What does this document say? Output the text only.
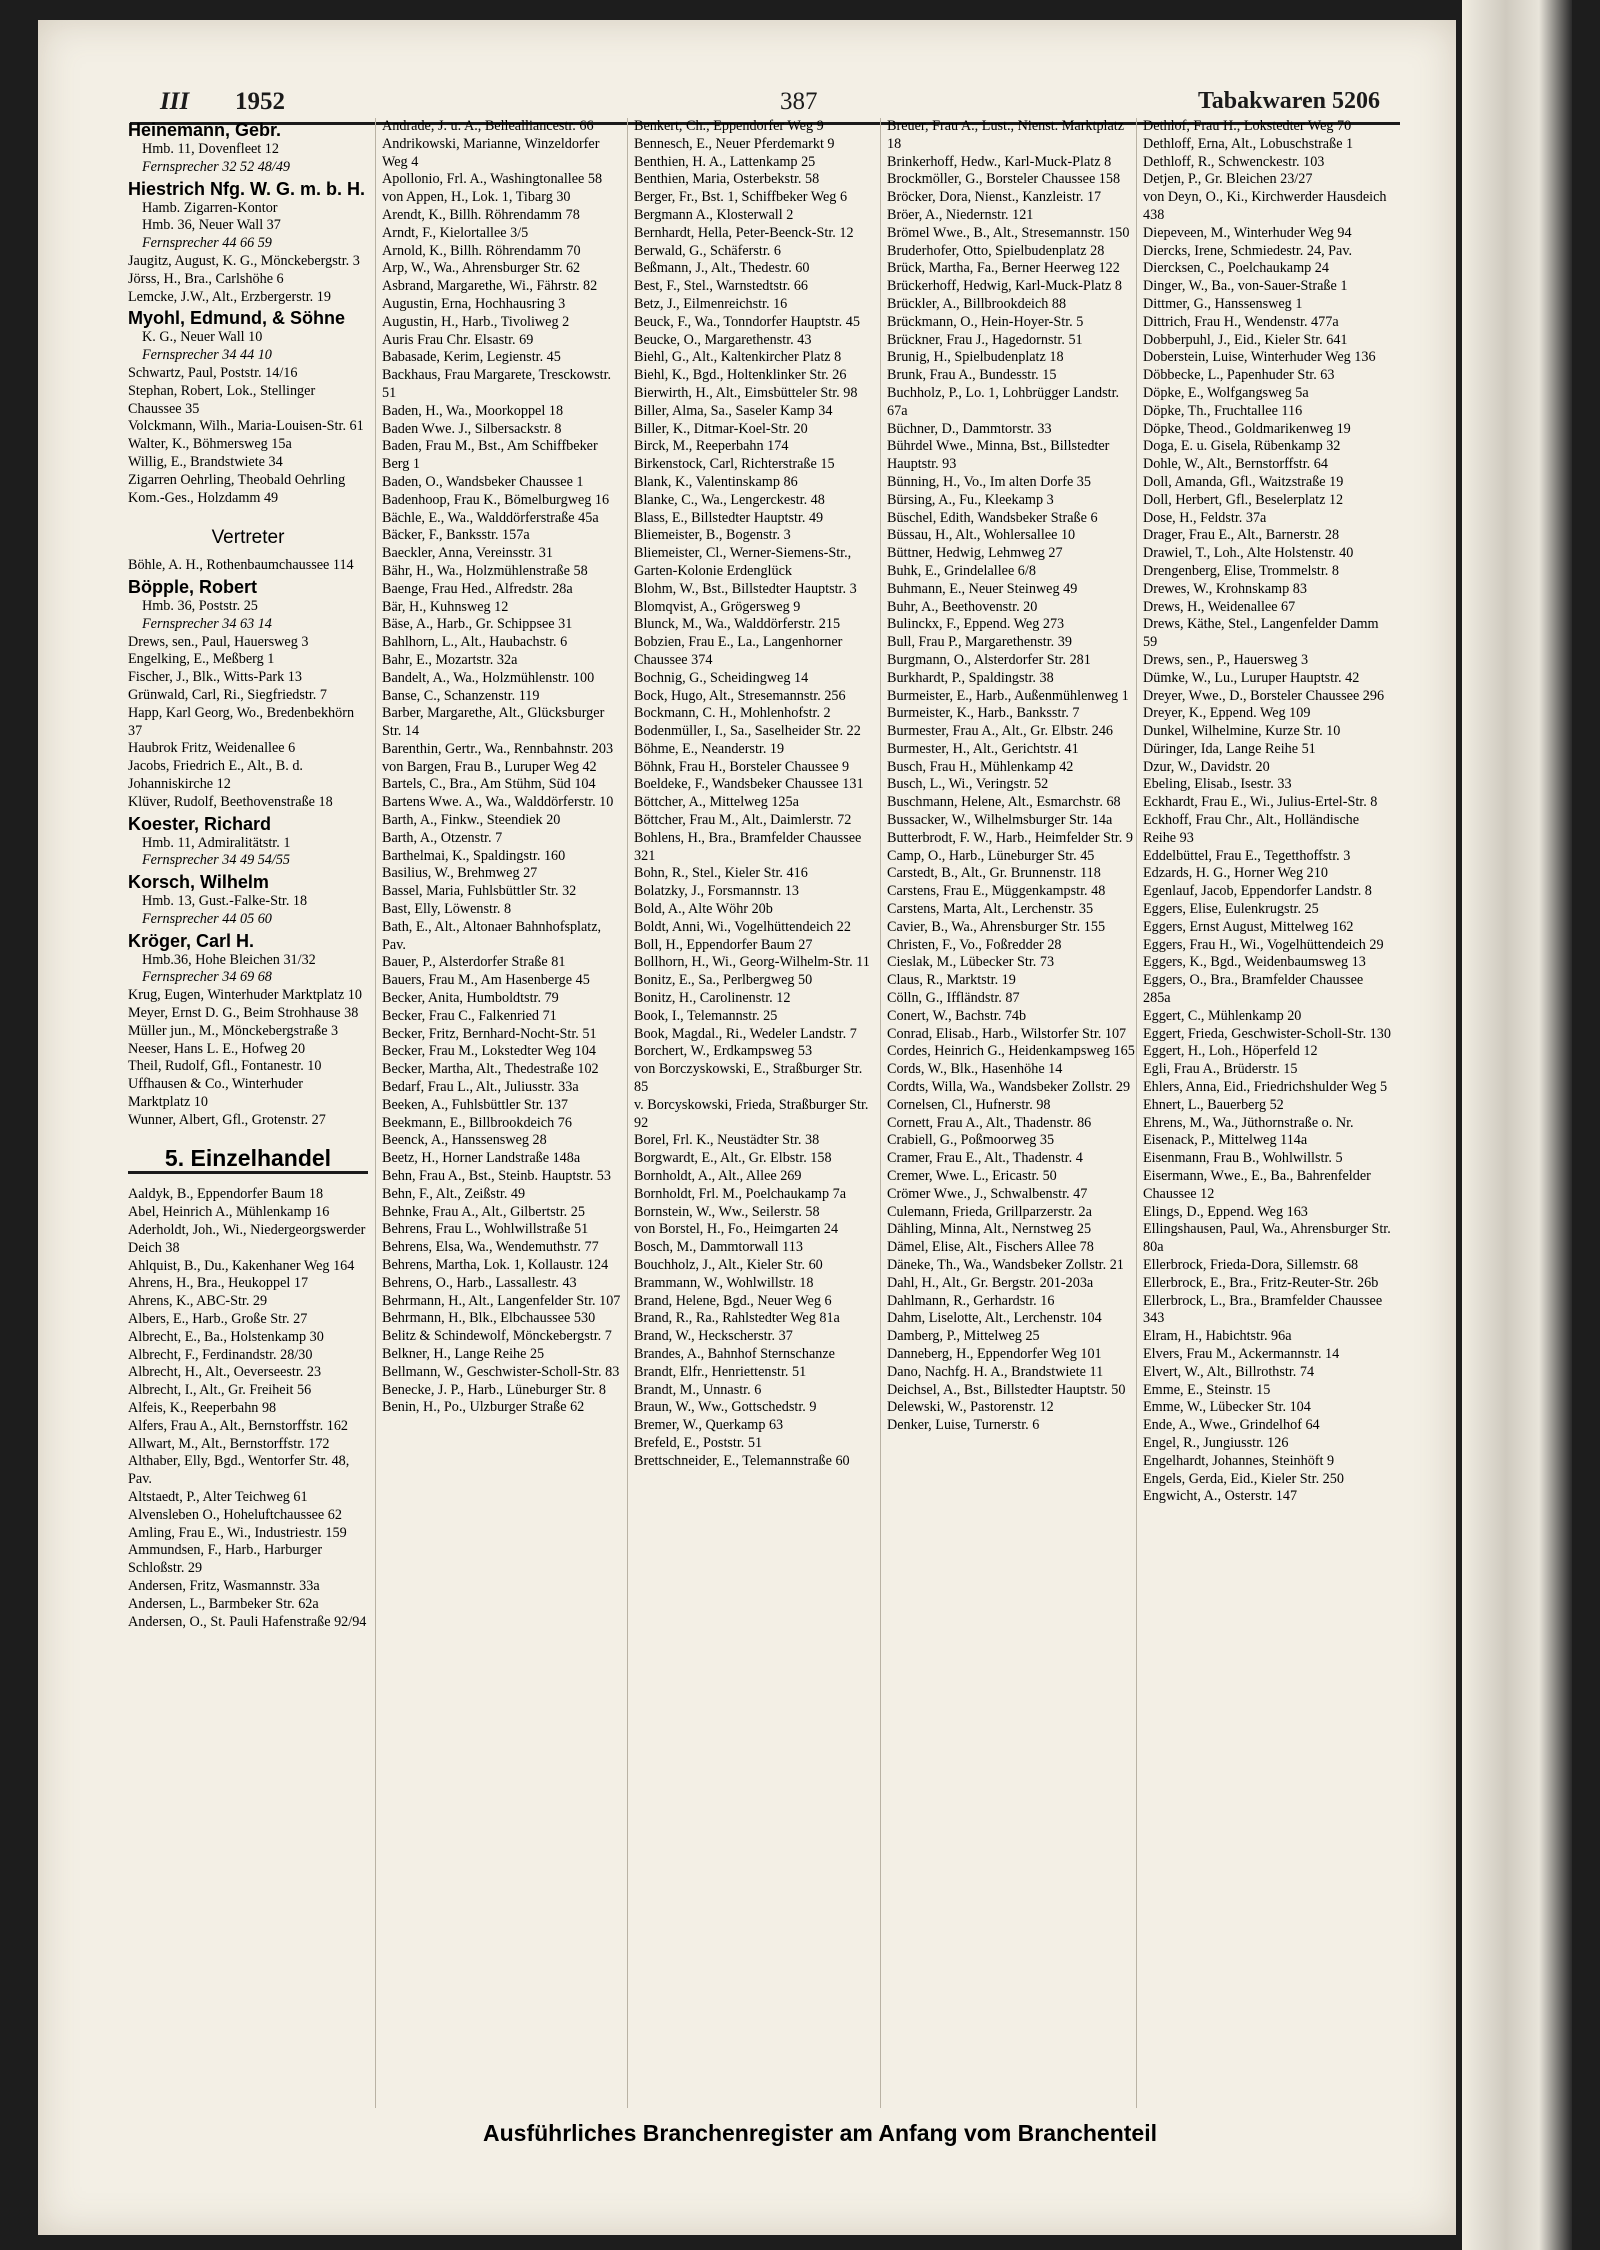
III 1952	387	Tabakwaren 5206
Heinemann, Gebr.
Hmb. 11, Dovenfleet 12
Fernsprecher 32 52 48/49
Hiestrich Nfg. W. G. m. b. H.
Hamb. Zigarren-Kontor
Hmb. 36, Neuer Wall 37
Fernsprecher 44 66 59
Jaugitz, August, K. G., Mönckebergstr. 3
Jörss, H., Bra., Carlshöhe 6
Lemcke, J.W., Alt., Erzbergerstr. 19
Myohl, Edmund, & Söhne
K. G., Neuer Wall 10
Fernsprecher 34 44 10
Schwartz, Paul, Poststr. 14/16
Stephan, Robert, Lok., Stellinger Chaussee 35
Volckmann, Wilh., Maria-Louisen-Str. 61
Walter, K., Böhmersweg 15a
Willig, E., Brandstwiete 34
Zigarren Oehrling, Theobald Oehrling Kom.-Ges., Holzdamm 49
Vertreter
Böhle, A. H., Rothenbaumchaussee 114
Böpple, Robert
Hmb. 36, Poststr. 25
Fernsprecher 34 63 14
Drews, sen., Paul, Hauersweg 3
Engelking, E., Meßberg 1
Fischer, J., Blk., Witts-Park 13
Grünwald, Carl, Ri., Siegfriedstr. 7
Happ, Karl Georg, Wo., Bredenbekhörn 37
Haubrok Fritz, Weidenallee 6
Jacobs, Friedrich E., Alt., B. d. Johanniskirche 12
Klüver, Rudolf, Beethovenstraße 18
Koester, Richard
Hmb. 11, Admiralitätstr. 1
Fernsprecher 34 49 54/55
Korsch, Wilhelm
Hmb. 13, Gust.-Falke-Str. 18
Fernsprecher 44 05 60
Kröger, Carl H.
Hmb.36, Hohe Bleichen 31/32
Fernsprecher 34 69 68
Krug, Eugen, Winterhuder Marktplatz 10
Meyer, Ernst D. G., Beim Strohhause 38
Müller jun., M., Mönckebergstraße 3
Neeser, Hans L. E., Hofweg 20
Theil, Rudolf, Gfl., Fontanestr. 10
Uffhausen & Co., Winterhuder Marktplatz 10
Wunner, Albert, Gfl., Grotenstr. 27
5. Einzelhandel
Aaldyk, B., Eppendorfer Baum 18
Abel, Heinrich A., Mühlenkamp 16
Aderholdt, Joh., Wi., Niedergeorgswerder Deich 38
Ahlquist, B., Du., Kakenhaner Weg 164
Ahrens, H., Bra., Heukoppel 17
Ahrens, K., ABC-Str. 29
Albers, E., Harb., Große Str. 27
Albrecht, E., Ba., Holstenkamp 30
Albrecht, F., Ferdinandstr. 28/30
Albrecht, H., Alt., Oeverseestr. 23
Albrecht, I., Alt., Gr. Freiheit 56
Alfeis, K., Reeperbahn 98
Alfers, Frau A., Alt., Bernstorffstr. 162
Allwart, M., Alt., Bernstorffstr. 172
Althaber, Elly, Bgd., Wentorfer Str. 48, Pav.
Altstaedt, P., Alter Teichweg 61
Alvensleben O., Hoheluftchaussee 62
Amling, Frau E., Wi., Industriestr. 159
Ammundsen, F., Harb., Harburger Schloßstr. 29
Andersen, Fritz, Wasmannstr. 33a
Andersen, L., Barmbeker Str. 62a
Andersen, O., St. Pauli Hafenstraße 92/94
Andrade, J. u. A., Bellealliancestr. 66
Andrikowski, Marianne, Winzeldorfer Weg 4
Apollonio, Frl. A., Washingtonallee 58
von Appen, H., Lok. 1, Tibarg 30
Arendt, K., Billh. Röhrendamm 78
Arndt, F., Kielortallee 3/5
Arnold, K., Billh. Röhrendamm 70
Arp, W., Wa., Ahrensburger Str. 62
Asbrand, Margarethe, Wi., Fährstr. 82
Augustin, Erna, Hochhausring 3
Augustin, H., Harb., Tivoliweg 2
Auris Frau Chr. Elsastr. 69
Babasade, Kerim, Legienstr. 45
Backhaus, Frau Margarete, Tresckowstr. 51
Baden, H., Wa., Moorkoppel 18
Baden Wwe. J., Silbersackstr. 8
Baden, Frau M., Bst., Am Schiffbeker Berg 1
Baden, O., Wandsbeker Chaussee 1
Badenhoop, Frau K., Bömelburgweg 16
Bächle, E., Wa., Walddörferstraße 45a
Bäcker, F., Banksstr. 157a
Baeckler, Anna, Vereinsstr. 31
Bähr, H., Wa., Holzmühlenstraße 58
Baenge, Frau Hed., Alfredstr. 28a
Bär, H., Kuhnsweg 12
Bäse, A., Harb., Gr. Schippsee 31
Bahlhorn, L., Alt., Haubachstr. 6
Bahr, E., Mozartstr. 32a
Bandelt, A., Wa., Holzmühlenstr. 100
Banse, C., Schanzenstr. 119
Barber, Margarethe, Alt., Glücksburger Str. 14
Barenthin, Gertr., Wa., Rennbahnstr. 203
von Bargen, Frau B., Luruper Weg 42
Bartels, C., Bra., Am Stühm, Süd 104
Bartens Wwe. A., Wa., Walddörferstr. 10
Barth, A., Finkw., Steendiek 20
Barth, A., Otzenstr. 7
Barthelmai, K., Spaldingstr. 160
Basilius, W., Brehmweg 27
Bassel, Maria, Fuhlsbüttler Str. 32
Bast, Elly, Löwenstr. 8
Bath, E., Alt., Altonaer Bahnhofsplatz, Pav.
Bauer, P., Alsterdorfer Straße 81
Bauers, Frau M., Am Hasenberge 45
Becker, Anita, Humboldtstr. 79
Becker, Frau C., Falkenried 71
Becker, Fritz, Bernhard-Nocht-Str. 51
Becker, Frau M., Lokstedter Weg 104
Becker, Martha, Alt., Thedestraße 102
Bedarf, Frau L., Alt., Juliusstr. 33a
Beeken, A., Fuhlsbüttler Str. 137
Beekmann, E., Billbrookdeich 76
Beenck, A., Hanssensweg 28
Beetz, H., Horner Landstraße 148a
Behn, Frau A., Bst., Steinb. Hauptstr. 53
Behn, F., Alt., Zeißstr. 49
Behnke, Frau A., Alt., Gilbertstr. 25
Behrens, Frau L., Wohlwillstraße 51
Behrens, Elsa, Wa., Wendemuthstr. 77
Behrens, Martha, Lok. 1, Kollaustr. 124
Behrens, O., Harb., Lassallestr. 43
Behrmann, H., Alt., Langenfelder Str. 107
Behrmann, H., Blk., Elbchaussee 530
Belitz & Schindewolf, Mönckebergstr. 7
Belkner, H., Lange Reihe 25
Bellmann, W., Geschwister-Scholl-Str. 83
Benecke, J. P., Harb., Lüneburger Str. 8
Benin, H., Po., Ulzburger Straße 62
Benkert, Ch., Eppendorfer Weg 9
Bennesch, E., Neuer Pferdemarkt 9
Benthien, H. A., Lattenkamp 25
Benthien, Maria, Osterbekstr. 58
Berger, Fr., Bst. 1, Schiffbeker Weg 6
Bergmann A., Klosterwall 2
Bernhardt, Hella, Peter-Beenck-Str. 12
Berwald, G., Schäferstr. 6
Beßmann, J., Alt., Thedestr. 60
Best, F., Stel., Warnstedtstr. 66
Betz, J., Eilmenreichstr. 16
Beuck, F., Wa., Tonndorfer Hauptstr. 45
Beucke, O., Margarethenstr. 43
Biehl, G., Alt., Kaltenkircher Platz 8
Biehl, K., Bgd., Holtenklinker Str. 26
Bierwirth, H., Alt., Eimsbütteler Str. 98
Biller, Alma, Sa., Saseler Kamp 34
Biller, K., Ditmar-Koel-Str. 20
Birck, M., Reeperbahn 174
Birkenstock, Carl, Richterstraße 15
Blank, K., Valentinskamp 86
Blanke, C., Wa., Lengerckestr. 48
Blass, E., Billstedter Hauptstr. 49
Bliemeister, B., Bogenstr. 3
Bliemeister, Cl., Werner-Siemens-Str., Garten-Kolonie Erdenglück
Blohm, W., Bst., Billstedter Hauptstr. 3
Blomqvist, A., Grögersweg 9
Blunck, M., Wa., Walddörferstr. 215
Bobzien, Frau E., La., Langenhorner Chaussee 374
Bochnig, G., Scheidingweg 14
Bock, Hugo, Alt., Stresemannstr. 256
Bockmann, C. H., Mohlenhofstr. 2
Bodenmüller, I., Sa., Saselheider Str. 22
Böhme, E., Neanderstr. 19
Böhnk, Frau H., Borsteler Chaussee 9
Boeldeke, F., Wandsbeker Chaussee 131
Böttcher, A., Mittelweg 125a
Böttcher, Frau M., Alt., Daimlerstr. 72
Bohlens, H., Bra., Bramfelder Chaussee 321
Bohn, R., Stel., Kieler Str. 416
Bolatzky, J., Forsmannstr. 13
Bold, A., Alte Wöhr 20b
Boldt, Anni, Wi., Vogelhüttendeich 22
Boll, H., Eppendorfer Baum 27
Bollhorn, H., Wi., Georg-Wilhelm-Str. 11
Bonitz, E., Sa., Perlbergweg 50
Bonitz, H., Carolinenstr. 12
Book, I., Telemannstr. 25
Book, Magdal., Ri., Wedeler Landstr. 7
Borchert, W., Erdkampsweg 53
von Borczyskowski, E., Straßburger Str. 85
v. Borcyskowski, Frieda, Straßburger Str. 92
Borel, Frl. K., Neustädter Str. 38
Borgwardt, E., Alt., Gr. Elbstr. 158
Bornholdt, A., Alt., Allee 269
Bornholdt, Frl. M., Poelchaukamp 7a
Bornstein, W., Ww., Seilerstr. 58
von Borstel, H., Fo., Heimgarten 24
Bosch, M., Dammtorwall 113
Bouchholz, J., Alt., Kieler Str. 60
Brammann, W., Wohlwillstr. 18
Brand, Helene, Bgd., Neuer Weg 6
Brand, R., Ra., Rahlstedter Weg 81a
Brand, W., Heckscherstr. 37
Brandes, A., Bahnhof Sternschanze
Brandt, Elfr., Henriettenstr. 51
Brandt, M., Unnastr. 6
Braun, W., Ww., Gottschedstr. 9
Bremer, W., Querkamp 63
Brefeld, E., Poststr. 51
Brettschneider, E., Telemannstraße 60
Breuer, Frau A., Lust., Nienst. Marktplatz 18
Brinkerhoff, Hedw., Karl-Muck-Platz 8
Brockmöller, G., Borsteler Chaussee 158
Bröcker, Dora, Nienst., Kanzleistr. 17
Bröer, A., Niedernstr. 121
Brömel Wwe., B., Alt., Stresemannstr. 150
Bruderhofer, Otto, Spielbudenplatz 28
Brück, Martha, Fa., Berner Heerweg 122
Brückerhoff, Hedwig, Karl-Muck-Platz 8
Brückler, A., Billbrookdeich 88
Brückmann, O., Hein-Hoyer-Str. 5
Brückner, Frau J., Hagedornstr. 51
Brunig, H., Spielbudenplatz 18
Brunk, Frau A., Bundesstr. 15
Buchholz, P., Lo. 1, Lohbrügger Landstr. 67a
Büchner, D., Dammtorstr. 33
Bührdel Wwe., Minna, Bst., Billstedter Hauptstr. 93
Bünning, H., Vo., Im alten Dorfe 35
Bürsing, A., Fu., Kleekamp 3
Büschel, Edith, Wandsbeker Straße 6
Büssau, H., Alt., Wohlersallee 10
Büttner, Hedwig, Lehmweg 27
Buhk, E., Grindelallee 6/8
Buhmann, E., Neuer Steinweg 49
Buhr, A., Beethovenstr. 20
Bulinckx, F., Eppend. Weg 273
Bull, Frau P., Margarethenstr. 39
Burgmann, O., Alsterdorfer Str. 281
Burkhardt, P., Spaldingstr. 38
Burmeister, E., Harb., Außenmühlenweg 1
Burmeister, K., Harb., Banksstr. 7
Burmester, Frau A., Alt., Gr. Elbstr. 246
Burmester, H., Alt., Gerichtstr. 41
Busch, Frau H., Mühlenkamp 42
Busch, L., Wi., Veringstr. 52
Buschmann, Helene, Alt., Esmarchstr. 68
Bussacker, W., Wilhelmsburger Str. 14a
Butterbrodt, F. W., Harb., Heimfelder Str. 9
Camp, O., Harb., Lüneburger Str. 45
Carstedt, B., Alt., Gr. Brunnenstr. 118
Carstens, Frau E., Müggenkampstr. 48
Carstens, Marta, Alt., Lerchenstr. 35
Cavier, B., Wa., Ahrensburger Str. 155
Christen, F., Vo., Foßredder 28
Cieslak, M., Lübecker Str. 73
Claus, R., Marktstr. 19
Cölln, G., Iffländstr. 87
Conert, W., Bachstr. 74b
Conrad, Elisab., Harb., Wilstorfer Str. 107
Cordes, Heinrich G., Heidenkampsweg 165
Cords, W., Blk., Hasenhöhe 14
Cordts, Willa, Wa., Wandsbeker Zollstr. 29
Cornelsen, Cl., Hufnerstr. 98
Cornett, Frau A., Alt., Thadenstr. 86
Crabiell, G., Poßmoorweg 35
Cramer, Frau E., Alt., Thadenstr. 4
Cremer, Wwe. L., Ericastr. 50
Crömer Wwe., J., Schwalbenstr. 47
Culemann, Frieda, Grillparzerstr. 2a
Dähling, Minna, Alt., Nernstweg 25
Dämel, Elise, Alt., Fischers Allee 78
Däneke, Th., Wa., Wandsbeker Zollstr. 21
Dahl, H., Alt., Gr. Bergstr. 201-203a
Dahlmann, R., Gerhardstr. 16
Dahm, Liselotte, Alt., Lerchenstr. 104
Damberg, P., Mittelweg 25
Danneberg, H., Eppendorfer Weg 101
Dano, Nachfg. H. A., Brandstwiete 11
Deichsel, A., Bst., Billstedter Hauptstr. 50
Delewski, W., Pastorenstr. 12
Denker, Luise, Turnerstr. 6
Dethlof, Frau H., Lokstedter Weg 70
Dethloff, Erna, Alt., Lobuschstraße 1
Dethloff, R., Schwenckestr. 103
Detjen, P., Gr. Bleichen 23/27
von Deyn, O., Ki., Kirchwerder Hausdeich 438
Diepeveen, M., Winterhuder Weg 94
Diercks, Irene, Schmiedestr. 24, Pav.
Diercksen, C., Poelchaukamp 24
Dinger, W., Ba., von-Sauer-Straße 1
Dittmer, G., Hanssensweg 1
Dittrich, Frau H., Wendenstr. 477a
Dobberpuhl, J., Eid., Kieler Str. 641
Doberstein, Luise, Winterhuder Weg 136
Döbbecke, L., Papenhuder Str. 63
Döpke, E., Wolfgangsweg 5a
Döpke, Th., Fruchtallee 116
Döpke, Theod., Goldmarikenweg 19
Doga, E. u. Gisela, Rübenkamp 32
Dohle, W., Alt., Bernstorffstr. 64
Doll, Amanda, Gfl., Waitzstraße 19
Doll, Herbert, Gfl., Beselerplatz 12
Dose, H., Feldstr. 37a
Drager, Frau E., Alt., Barnerstr. 28
Drawiel, T., Loh., Alte Holstenstr. 40
Drengenberg, Elise, Trommelstr. 8
Drewes, W., Krohnskamp 83
Drews, H., Weidenallee 67
Drews, Käthe, Stel., Langenfelder Damm 59
Drews, sen., P., Hauersweg 3
Dümke, W., Lu., Luruper Hauptstr. 42
Dreyer, Wwe., D., Borsteler Chaussee 296
Dreyer, K., Eppend. Weg 109
Dunkel, Wilhelmine, Kurze Str. 10
Düringer, Ida, Lange Reihe 51
Dzur, W., Davidstr. 20
Ebeling, Elisab., Isestr. 33
Eckhardt, Frau E., Wi., Julius-Ertel-Str. 8
Eckhoff, Frau Chr., Alt., Holländische Reihe 93
Eddelbüttel, Frau E., Tegetthoffstr. 3
Edzards, H. G., Horner Weg 210
Egenlauf, Jacob, Eppendorfer Landstr. 8
Eggers, Elise, Eulenkrugstr. 25
Eggers, Ernst August, Mittelweg 162
Eggers, Frau H., Wi., Vogelhüttendeich 29
Eggers, K., Bgd., Weidenbaumsweg 13
Eggers, O., Bra., Bramfelder Chaussee 285a
Eggert, C., Mühlenkamp 20
Eggert, Frieda, Geschwister-Scholl-Str. 130
Eggert, H., Loh., Höperfeld 12
Egli, Frau A., Brüderstr. 15
Ehlers, Anna, Eid., Friedrichshulder Weg 5
Ehnert, L., Bauerberg 52
Ehrens, M., Wa., Jüthornstraße o. Nr.
Eisenack, P., Mittelweg 114a
Eisenmann, Frau B., Wohlwillstr. 5
Eisermann, Wwe., E., Ba., Bahrenfelder Chaussee 12
Elings, D., Eppend. Weg 163
Ellingshausen, Paul, Wa., Ahrensburger Str. 80a
Ellerbrock, Frieda-Dora, Sillemstr. 68
Ellerbrock, E., Bra., Fritz-Reuter-Str. 26b
Ellerbrock, L., Bra., Bramfelder Chaussee 343
Elram, H., Habichtstr. 96a
Elvers, Frau M., Ackermannstr. 14
Elvert, W., Alt., Billrothstr. 74
Emme, E., Steinstr. 15
Emme, W., Lübecker Str. 104
Ende, A., Wwe., Grindelhof 64
Engel, R., Jungiusstr. 126
Engelhardt, Johannes, Steinhöft 9
Engels, Gerda, Eid., Kieler Str. 250
Engwicht, A., Osterstr. 147
Ausführliches Branchenregister am Anfang vom Branchenteil
